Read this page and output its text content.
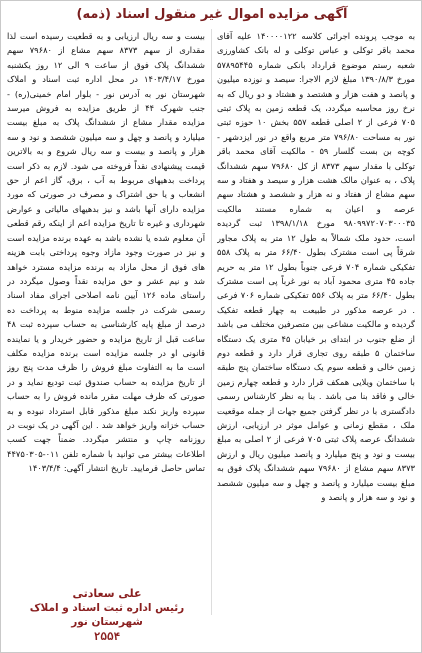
آگهی مزایده اموال غیر منقول اسناد (ذمه)
به موجب پرونده اجرائی کلاسه ۱۴۰۰۰۰۱۲۲ علیه آقای محمد باقر توکلی و عباس توکلی و له بانک کشاورزی شعبه رستم موضوع قرارداد بانکی شماره ۵۷۸۹۵۴۴۵ مورخ ۱۳۹۰/۸/۳ مبلغ لازم الاجرا: سیصد و نوزده میلیون و پانصد و هفت هزار و هشتصد و هشتاد و دو ریال که به نرخ روز محاسبه میگردد، یک قطعه زمین به پلاک ثبتی ۷۰۵ فرعی از ۲ اصلی قطعه ۵۵۷ بخش ۱۰ حوزه ثبتی نور به مساحت ۷۹۶/۸۰ متر مربع واقع در نور ایزدشهر - کوچه بن بست گلسار ۵۹ - مالکیت آقای محمد باقر توکلی با مقدار سهم ۸۳۷۳ از کل ۷۹۶۸۰ سهم ششدانگ پلاک ، به عنوان مالک هشت هزار و سیصد و هفتاد و سه سهم مشاع از هفتاد و نه هزار و ششصد و هشتاد سهم عرصه و اعیان به شماره مستند مالکیت ۹۸۰۹۹۷۲۰۷۰۳۰۰۰۳۵ مورخ ۱۳۹۸/۱/۱۸ ثبت گردیده است، حدود ملک شمالاً به طول ۱۲ متر به پلاک مجاور شرقاً پی است مشترک بطول ۶۶/۴۰ متر به پلاک ۵۵۸ تفکیکی شماره ۷۰۴ فرعی جنوباً بطول ۱۲ متر به حریم جاده ۴۵ متری محمود آباد به نور غرباً پی است مشترک بطول ۶۶/۴۰ متر به پلاک ۵۵۶ تفکیکی شماره ۷۰۶ فرعی . در عرصه مذکور در طبیعت به چهار قطعه تفکیک گردیده و مالکیت مشاعی بین متصرفین مختلف می باشد از ضلع جنوب در ابتدای بر خیابان ۴۵ متری یک دستگاه ساختمان ۵ طبقه روی تجاری قرار دارد و قطعه دوم زمین خالی و قطعه سوم یک دستگاه ساختمان پنج طبقه با ساختمان ویلایی همکف قرار دارد و قطعه چهارم زمین خالی و فاقد بنا می باشد . بنا به نظر کارشناس رسمی دادگستری با در نظر گرفتن جمیع جهات از جمله موقعیت ملک ، مقطع زمانی و عوامل موثر در ارزیابی، ارزش ششدانگ عرصه پلاک ثبتی ۷۰۵ فرعی از ۲ اصلی به مبلغ بیست و نود و پنج میلیارد و پانصد میلیون ریال و ارزش ۸۳۷۳ سهم مشاع از ۷۹۶۸۰ سهم ششدانگ پلاک فوق به مبلغ بیست میلیارد و پانصد و چهل و سه میلیون ششصد و نود و سه هزار و پانصد و
بیست و سه ریال ارزیابی و به قطعیت رسیده است لذا مقداری از سهم ۸۳۷۳ سهم مشاع از ۷۹۶۸۰ سهم ششدانگ پلاک فوق از ساعت ۹ الی ۱۲ روز یکشنبه مورخ ۱۴۰۳/۴/۱۷ در محل اداره ثبت اسناد و املاک شهرستان نور به آدرس نور - بلوار امام خمینی(ره) - جنب شهرک ۴۴ از طریق مزایده به فروش میرسد مزایده مقدار مشاع از ششدانگ پلاک به مبلغ بیست میلیارد و پانصد و چهل و سه میلیون ششصد و نود و سه هزار و پانصد و بیست و سه ریال شروع و به بالاترین قیمت پیشنهادی نقداً فروخته می شود. لازم به ذکر است پرداخت بدهیهای مربوط به آب ، برق، گاز اعم از حق انشعاب و یا حق اشتراک و مصرف در صورتی که مورد مزایده دارای آنها باشد و نیز بدهیهای مالیاتی و عوارض شهرداری و غیره تا تاریخ مزایده اعم از اینکه رقم قطعی آن معلوم شده یا نشده باشد به عهده برنده مزایده است و نیز در صورت وجود مازاد وجوه پرداختی بابت هزینه های فوق از محل مازاد به برنده مزایده مسترد خواهد شد و نیم عشر و حق مزایده نقداً وصول میگردد در راستای ماده ۱۲۶ آیین نامه اصلاحی اجرای مفاد اسناد رسمی شرکت در جلسه مزایده منوط به پرداخت ده درصد از مبلغ پایه کارشناسی به حساب سپرده ثبت ۴۸ ساعت قبل از تاریخ مزایده و حضور خریدار و یا نماینده قانونی او در جلسه مزایده است برنده مزایده مکلف است ما به التفاوت مبلغ فروش را ظرف مدت پنج روز از تاریخ مزایده به حساب صندوق ثبت تودیع نماید و در صورتی که ظرف مهلت مقرر مانده فروش را به حساب سپرده واریز نکند مبلغ مذکور قابل استرداد نبوده و به حساب خزانه واریز خواهد شد . این آگهی در یک نوبت در روزنامه چاپ و منتشر میگردد. ضمناً جهت کسب اطلاعات بیشتر می توانید با شماره تلفن ۰۱۱-۴۴۷۵۰۳۰۵ تماس حاصل فرمایید. تاریخ انتشار آگهی: ۱۴۰۳/۴/۴
علی سعادتی
رئیس اداره ثبت اسناد و املاک شهرستان نور
۲۵۵۴
